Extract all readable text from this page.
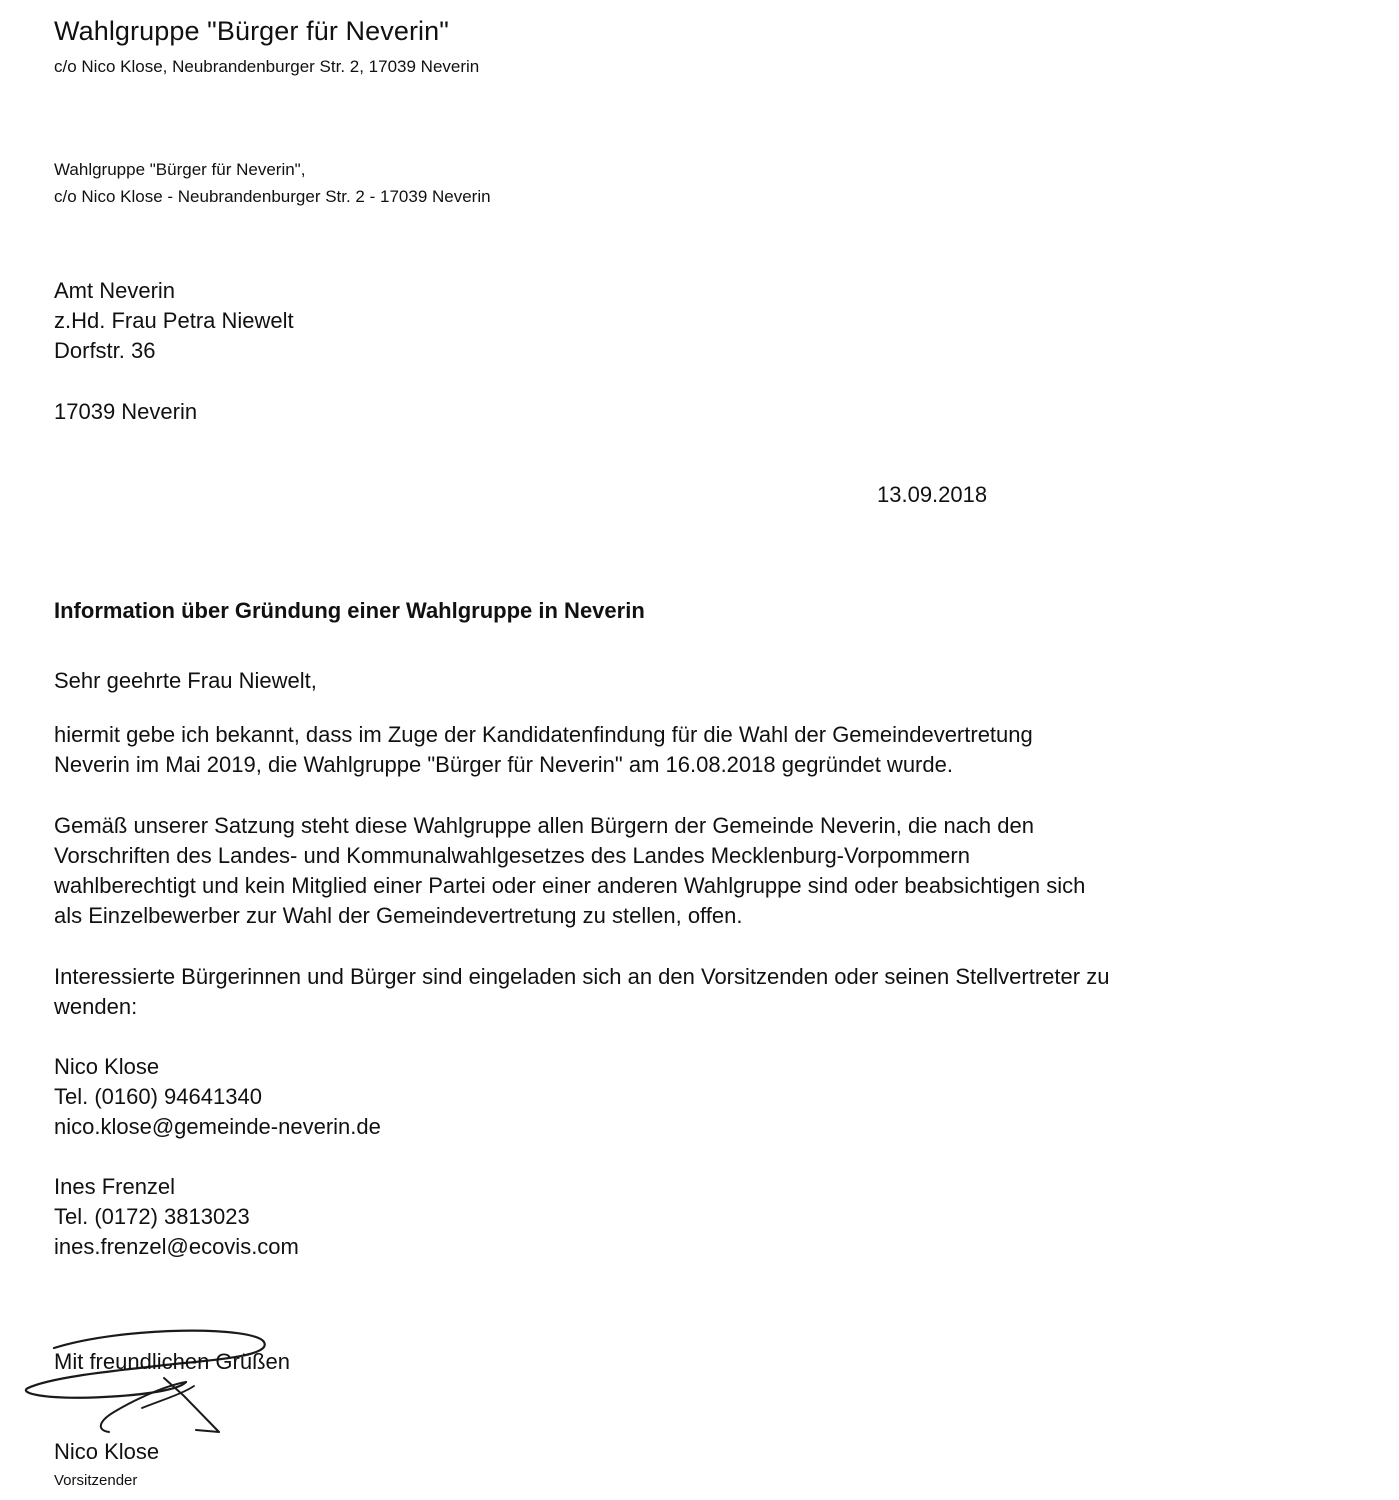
Wahlgruppe "Bürger für Neverin"
c/o Nico Klose, Neubrandenburger Str. 2, 17039 Neverin
Wahlgruppe "Bürger für Neverin",
c/o Nico Klose - Neubrandenburger Str. 2 - 17039 Neverin
Amt Neverin
z.Hd. Frau Petra Niewelt
Dorfstr. 36
17039 Neverin
13.09.2018
Information über Gründung einer Wahlgruppe in Neverin
Sehr geehrte Frau Niewelt,
hiermit gebe ich bekannt, dass im Zuge der Kandidatenfindung für die Wahl der Gemeindevertretung
Neverin im Mai 2019, die Wahlgruppe "Bürger für Neverin" am 16.08.2018 gegründet wurde.
Gemäß unserer Satzung steht diese Wahlgruppe allen Bürgern der Gemeinde Neverin, die nach den
Vorschriften des Landes- und Kommunalwahlgesetzes des Landes Mecklenburg-Vorpommern
wahlberechtigt und kein Mitglied einer Partei oder einer anderen Wahlgruppe sind oder beabsichtigen sich
als Einzelbewerber zur Wahl der Gemeindevertretung zu stellen, offen.
Interessierte Bürgerinnen und Bürger sind eingeladen sich an den Vorsitzenden oder seinen Stellvertreter zu
wenden:
Nico Klose
Tel. (0160) 94641340
nico.klose@gemeinde-neverin.de
Ines Frenzel
Tel. (0172) 3813023
ines.frenzel@ecovis.com
Mit freundlichen Grüßen
Nico Klose
Vorsitzender
